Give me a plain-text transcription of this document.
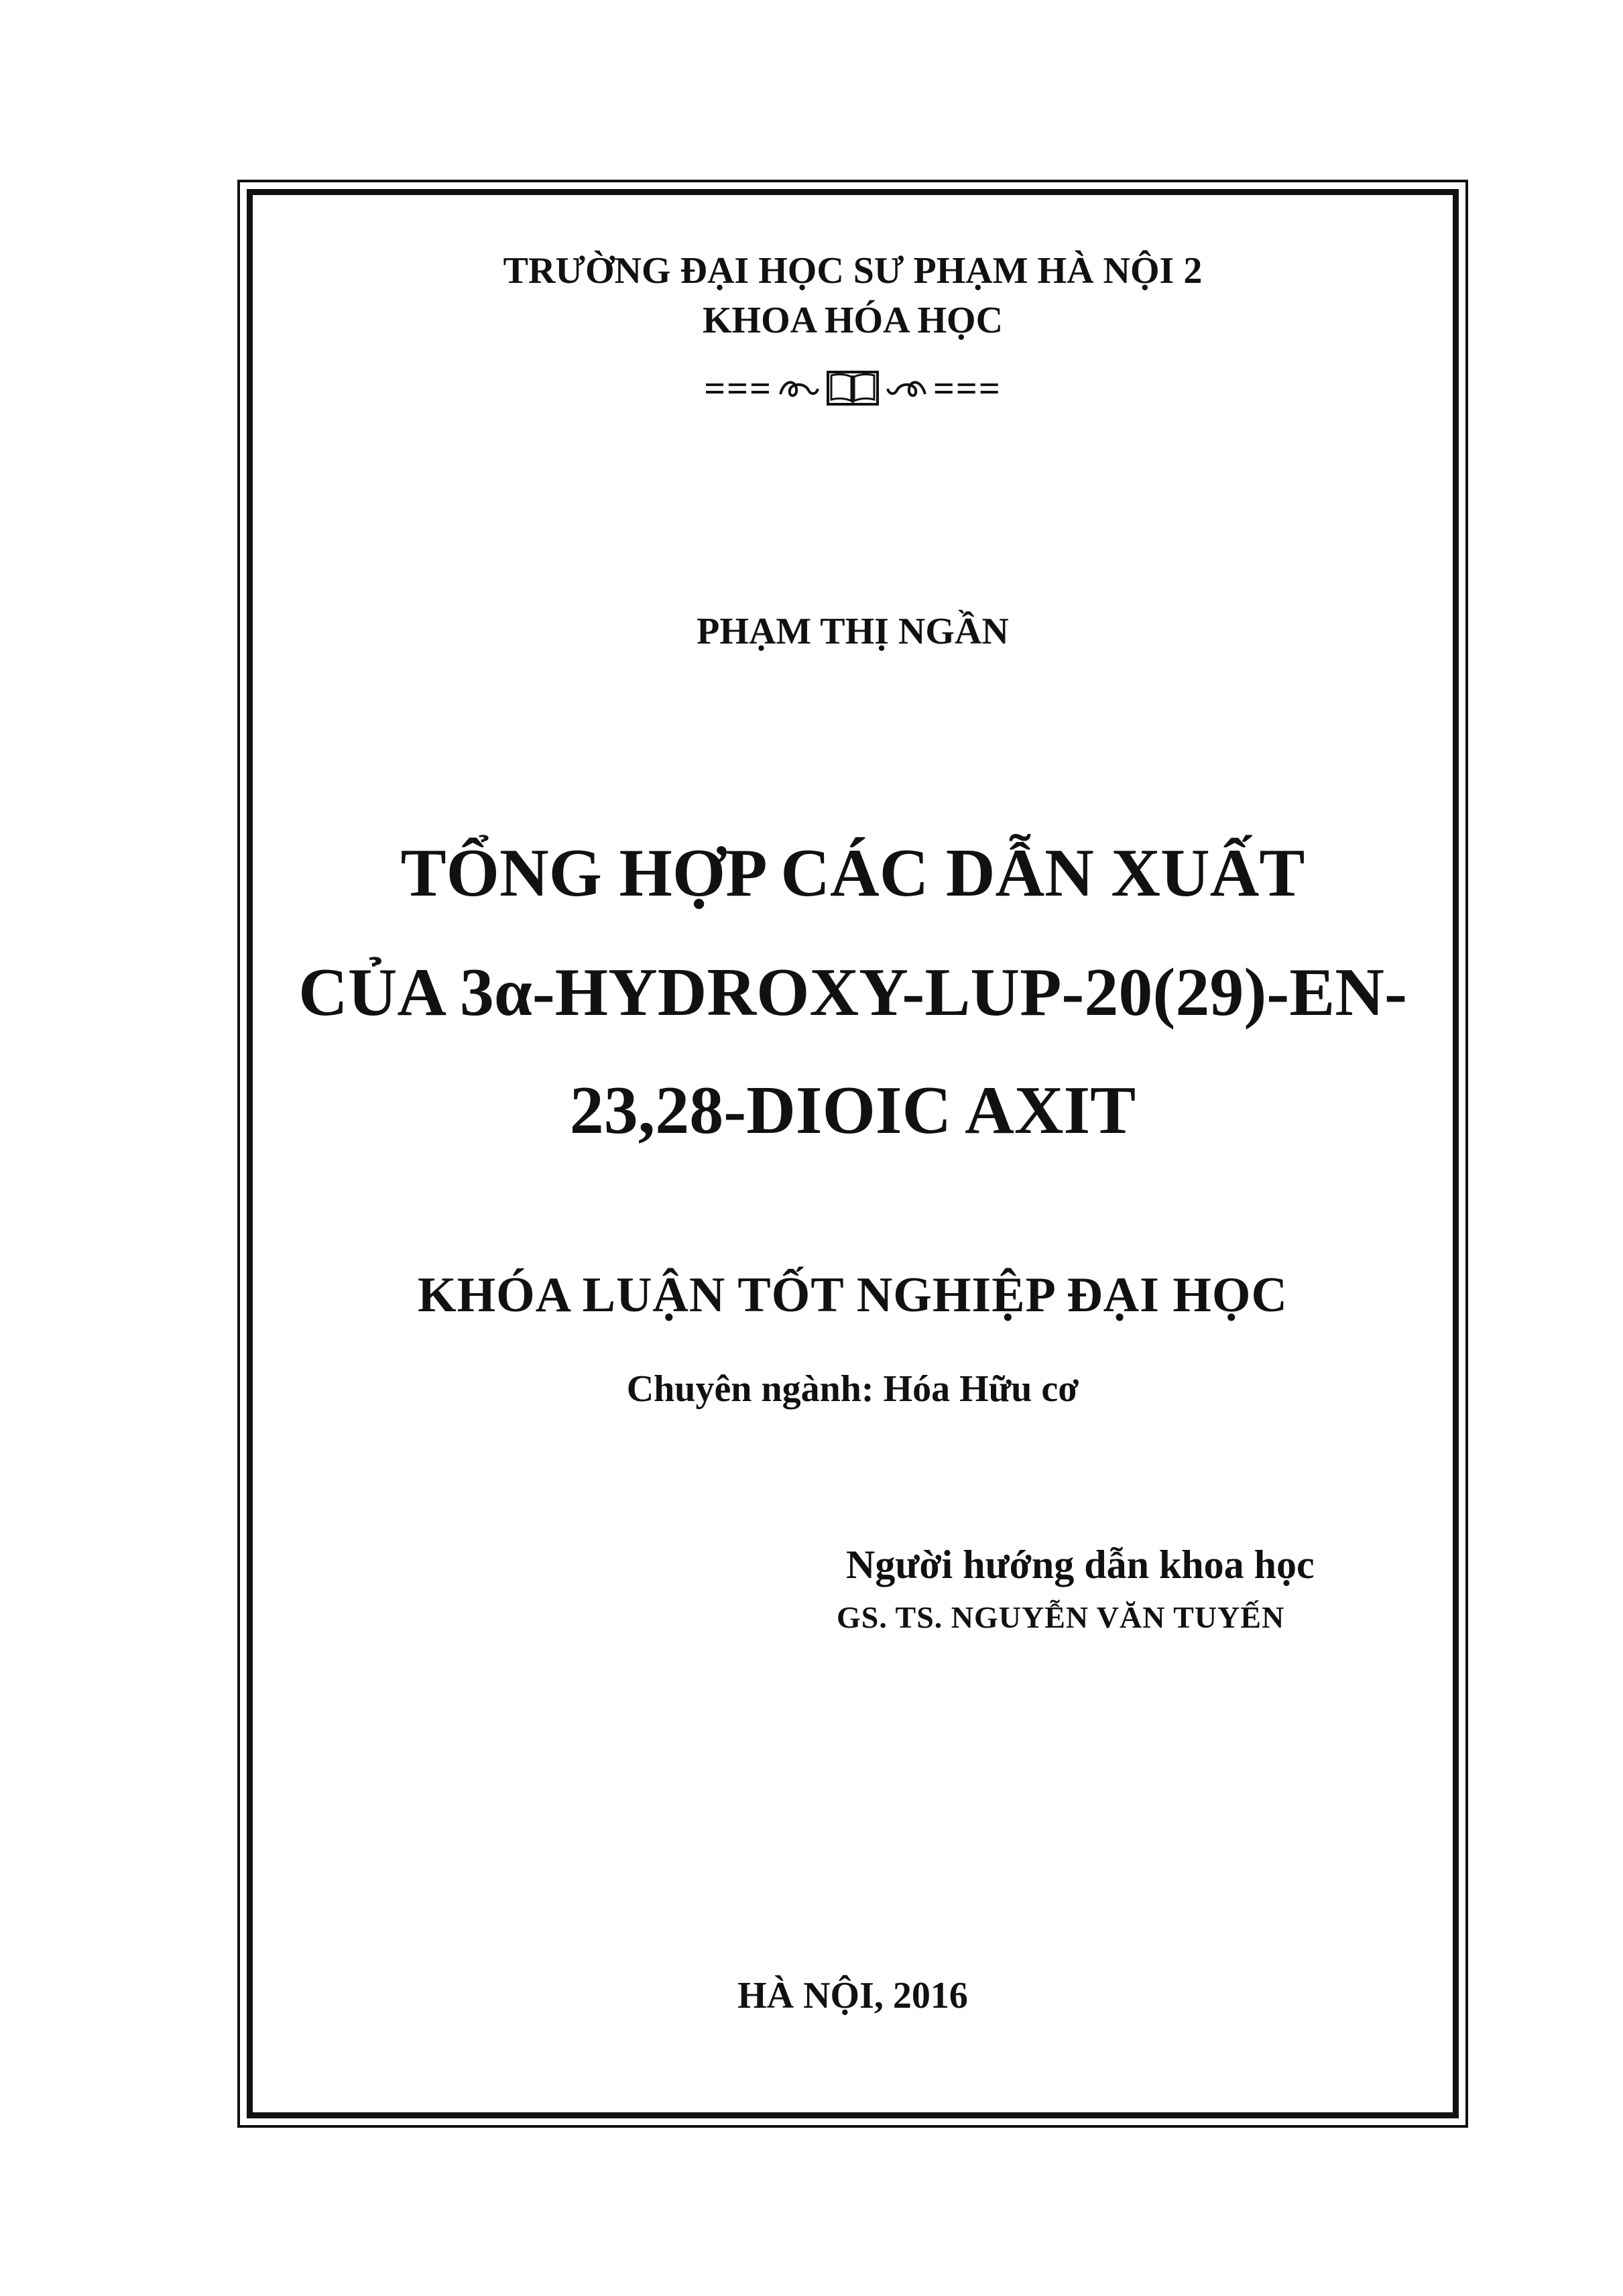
TRƯỜNG ĐẠI HỌC SƯ PHẠM HÀ NỘI 2
KHOA HÓA HỌC
===	===
PHẠM THỊ NGẦN
TỔNG HỢP CÁC DẪN XUẤT
CỦA 3α-HYDROXY-LUP-20(29)-EN-
23,28-DIOIC AXIT
KHÓA LUẬN TỐT NGHIỆP ĐẠI HỌC
Chuyên ngành: Hóa Hữu cơ
Người hướng dẫn khoa học
GS. TS. NGUYỄN VĂN TUYẾN
HÀ NỘI, 2016
